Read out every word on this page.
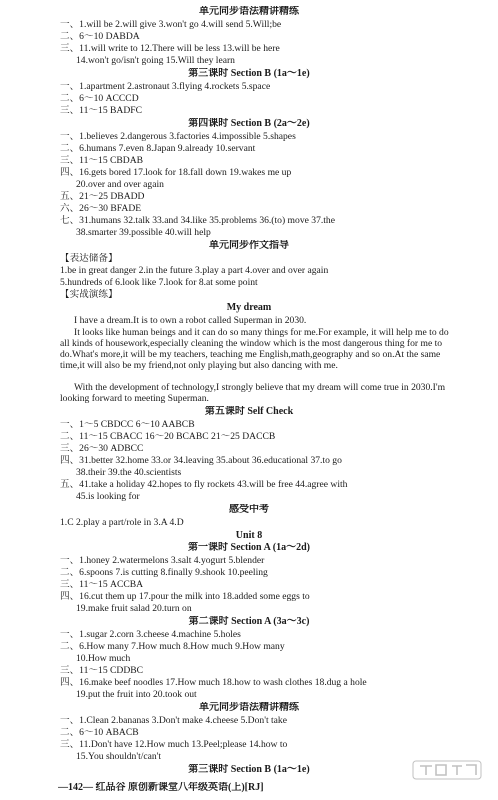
单元同步语法精讲精练
一、1.will be 2.will give 3.won't go 4.will send 5.Will;be
二、6～10 DABDA
三、11.will write to 12.There will be less 13.will be here
14.won't go/isn't going 15.Will they learn
第三课时 Section B (1a～1e)
一、1.apartment 2.astronaut 3.flying 4.rockets 5.space
二、6～10 ACCCD
三、11～15 BADFC
第四课时 Section B (2a～2e)
一、1.believes 2.dangerous 3.factories 4.impossible 5.shapes
二、6.humans 7.even 8.Japan 9.already 10.servant
三、11～15 CBDAB
四、16.gets bored 17.look for 18.fall down 19.wakes me up
20.over and over again
五、21～25 DBADD
六、26～30 BFADE
七、31.humans 32.talk 33.and 34.like 35.problems 36.(to) move 37.the
38.smarter 39.possible 40.will help
单元同步作文指导
【表达储备】
1.be in great danger 2.in the future 3.play a part 4.over and over again
5.hundreds of 6.look like 7.look for 8.at some point
【实战演练】
My dream
I have a dream.It is to own a robot called Superman in 2030.
It looks like human beings and it can do so many things for me.For example, it will help me to do all kinds of housework,especially cleaning the window which is the most dangerous thing for me to do.What's more,it will be my teachers, teaching me English,math,geography and so on.At the same time,it will also be my friend,not only playing but also dancing with me.
With the development of technology,I strongly believe that my dream will come true in 2030.I'm looking forward to meeting Superman.
第五课时 Self Check
一、1～5 CBDCC 6～10 AABCB
二、11～15 CBACC 16～20 BCABC 21～25 DACCB
三、26～30 ADBCC
四、31.better 32.home 33.or 34.leaving 35.about 36.educational 37.to go
38.their 39.the 40.scientists
五、41.take a holiday 42.hopes to fly rockets 43.will be free 44.agree with
45.is looking for
感受中考
1.C 2.play a part/role in 3.A 4.D
Unit 8
第一课时 Section A (1a～2d)
一、1.honey 2.watermelons 3.salt 4.yogurt 5.blender
二、6.spoons 7.is cutting 8.finally 9.shook 10.peeling
三、11～15 ACCBA
四、16.cut them up 17.pour the milk into 18.added some eggs to
19.make fruit salad 20.turn on
第二课时 Section A (3a～3c)
一、1.sugar 2.corn 3.cheese 4.machine 5.holes
二、6.How many 7.How much 8.How much 9.How many
10.How much
三、11～15 CDDBC
四、16.make beef noodles 17.How much 18.how to wash clothes 18.dug a hole
19.put the fruit into 20.took out
单元同步语法精讲精练
一、1.Clean 2.bananas 3.Don't make 4.cheese 5.Don't take
二、6～10 ABACB
三、11.Don't have 12.How much 13.Peel;please 14.how to
15.You shouldn't/can't
第三课时 Section B (1a～1e)
—142— 红品谷 原创新课堂八年级英语(上)[RJ]
